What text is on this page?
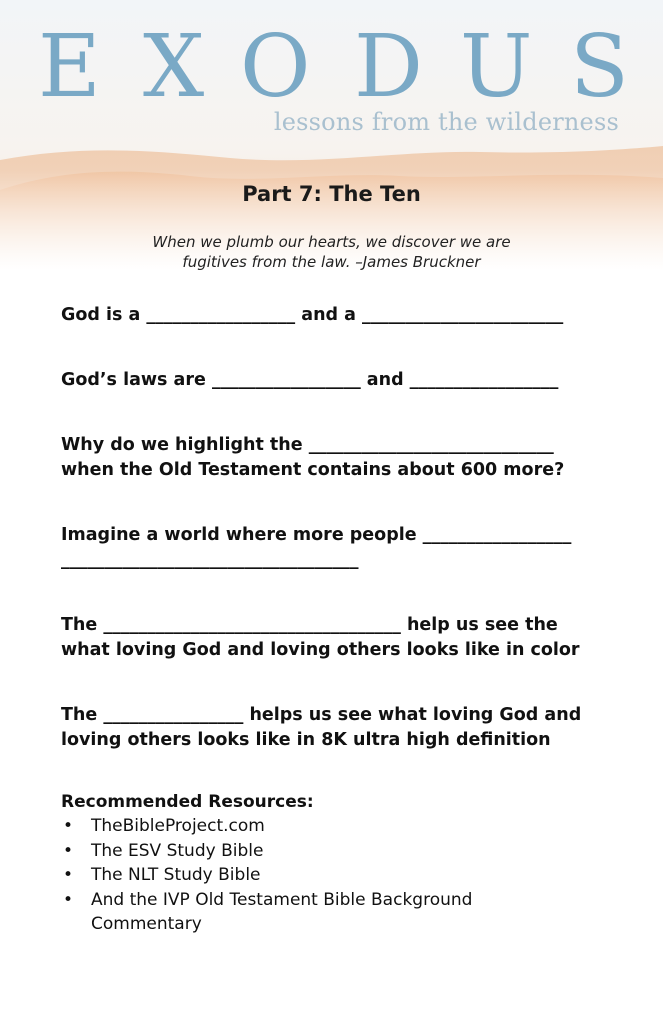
E X O D U S
lessons from the wilderness
Part 7: The Ten
When we plumb our hearts, we discover we are
fugitives from the law. –James Bruckner
God is a _________________ and a _______________________
God’s laws are _________________ and _________________
Why do we highlight the ____________________________
when the Old Testament contains about 600 more?
Imagine a world where more people _________________
__________________________________
The __________________________________ help us see the
what loving God and loving others looks like in color
The ________________ helps us see what loving God and
loving others looks like in 8K ultra high definition
Recommended Resources:
• TheBibleProject.com
• The ESV Study Bible
• The NLT Study Bible
• And the IVP Old Testament Bible Background
Commentary
